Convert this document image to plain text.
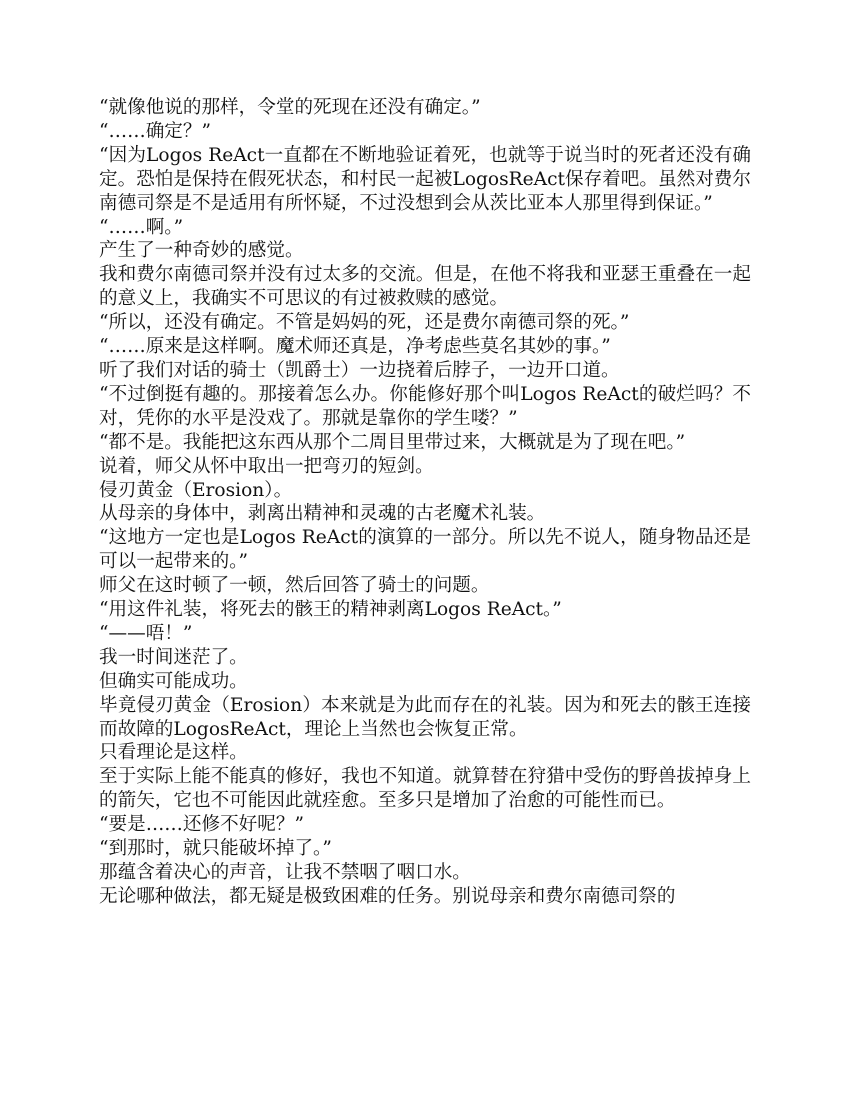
“就像他说的那样，令堂的死现在还没有确定。”

“……确定？”

“因为Logos ReAct一直都在不断地验证着死，也就等于说当时的死者还没有确定。恐怕是保持在假死状态，和村民一起被LogosReAct保存着吧。虽然对费尔南德司祭是不是适用有所怀疑，不过没想到会从茨比亚本人那里得到保证。”

“……啊。”

产生了一种奇妙的感觉。

我和费尔南德司祭并没有过太多的交流。但是，在他不将我和亚瑟王重叠在一起的意义上，我确实不可思议的有过被救赎的感觉。

“所以，还没有确定。不管是妈妈的死，还是费尔南德司祭的死。”

“……原来是这样啊。魔术师还真是，净考虑些莫名其妙的事。”

听了我们对话的骑士（凯爵士）一边挠着后脖子，一边开口道。

“不过倒挺有趣的。那接着怎么办。你能修好那个叫Logos ReAct的破烂吗？不对，凭你的水平是没戏了。那就是靠你的学生喽？”

“都不是。我能把这东西从那个二周目里带过来，大概就是为了现在吧。”

说着，师父从怀中取出一把弯刃的短剑。

侵刃黄金（Erosion）。

从母亲的身体中，剥离出精神和灵魂的古老魔术礼装。

“这地方一定也是Logos ReAct的演算的一部分。所以先不说人，随身物品还是可以一起带来的。”

师父在这时顿了一顿，然后回答了骑士的问题。

“用这件礼装，将死去的骸王的精神剥离Logos ReAct。”

“——唔！”

我一时间迷茫了。

但确实可能成功。

毕竟侵刃黄金（Erosion）本来就是为此而存在的礼装。因为和死去的骸王连接而故障的LogosReAct，理论上当然也会恢复正常。

只看理论是这样。

至于实际上能不能真的修好，我也不知道。就算替在狩猎中受伤的野兽拔掉身上的箭矢，它也不可能因此就痊愈。至多只是增加了治愈的可能性而已。

“要是……还修不好呢？”

“到那时，就只能破坏掉了。”

那蕴含着决心的声音，让我不禁咽了咽口水。

无论哪种做法，都无疑是极致困难的任务。别说母亲和费尔南德司祭的
